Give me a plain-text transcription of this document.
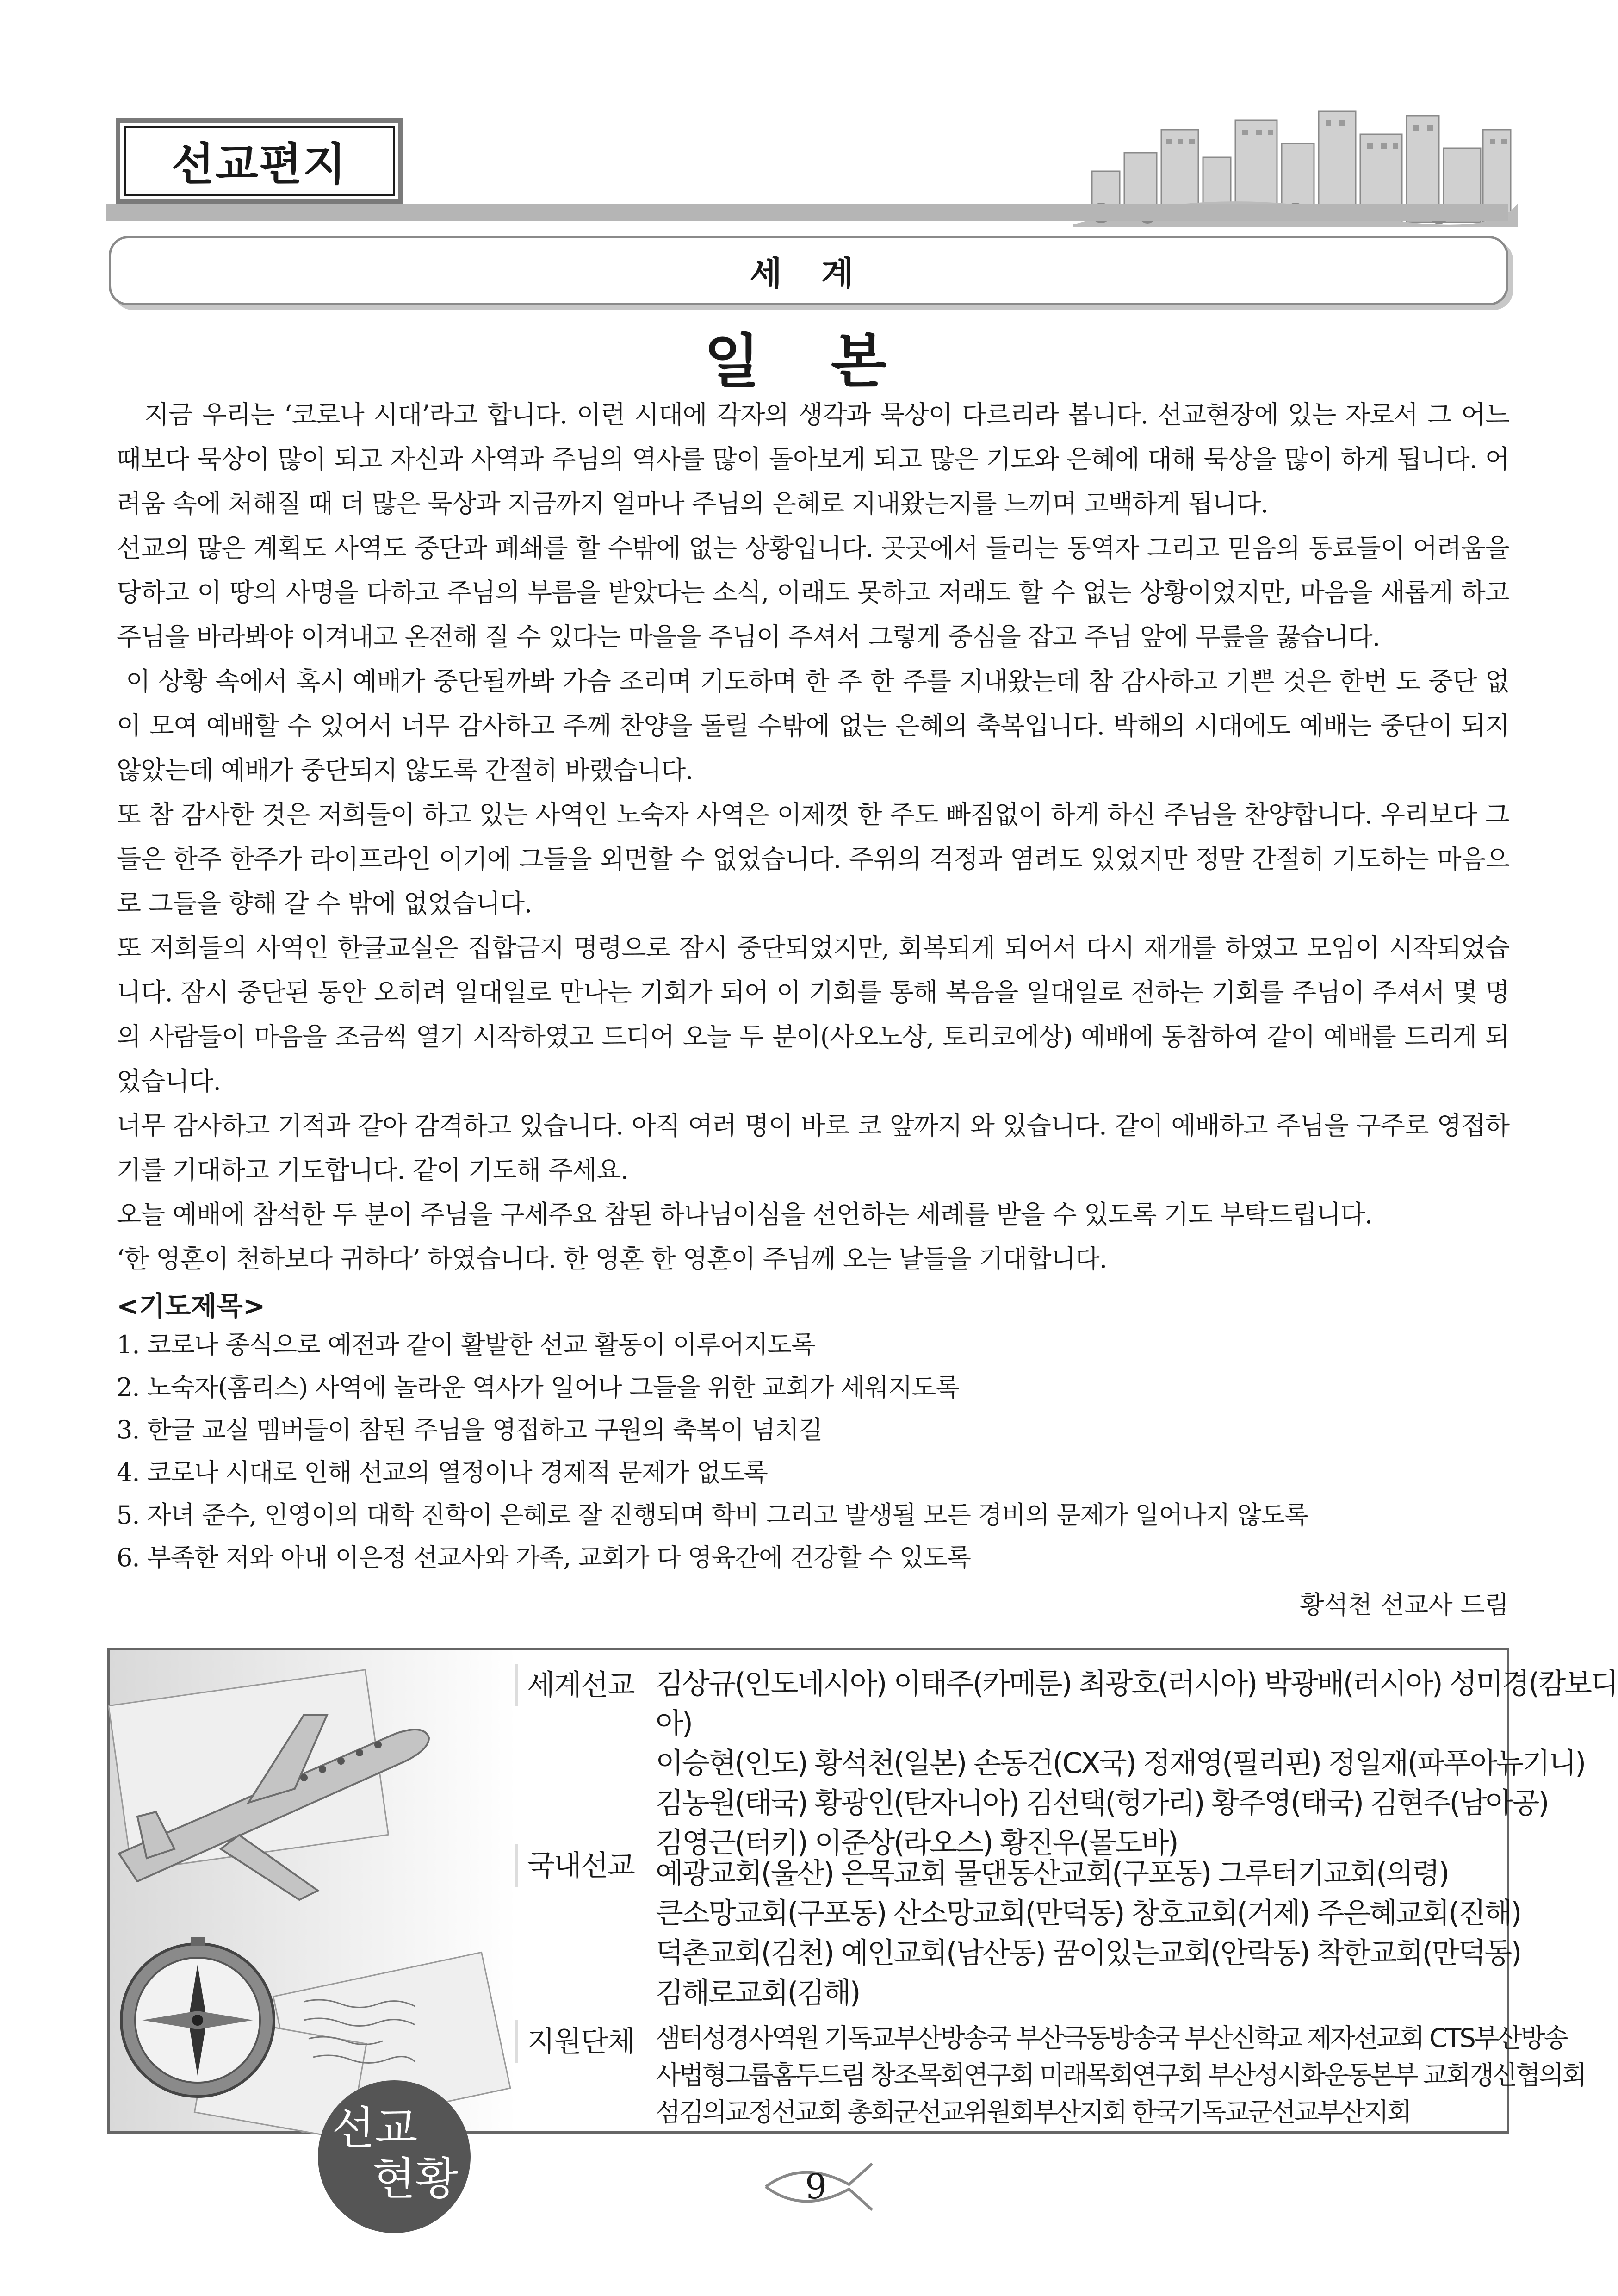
선교편지
세 계
일 본

지금 우리는 ‘코로나 시대’라고 합니다. 이런 시대에 각자의 생각과 묵상이 다르리라 봅니다. 선교현장에 있는 자로서 그 어느 때보다 묵상이 많이 되고 자신과 사역과 주님의 역사를 많이 돌아보게 되고 많은 기도와 은혜에 대해 묵상을 많이 하게 됩니다. 어려움 속에 처해질 때 더 많은 묵상과 지금까지 얼마나 주님의 은혜로 지내왔는지를 느끼며 고백하게 됩니다.

선교의 많은 계획도 사역도 중단과 폐쇄를 할 수밖에 없는 상황입니다. 곳곳에서 들리는 동역자 그리고 믿음의 동료들이 어려움을 당하고 이 땅의 사명을 다하고 주님의 부름을 받았다는 소식, 이래도 못하고 저래도 할 수 없는 상황이었지만, 마음을 새롭게 하고 주님을 바라봐야 이겨내고 온전해 질 수 있다는 마을을 주님이 주셔서 그렇게 중심을 잡고 주님 앞에 무릎을 꿇습니다.

이 상황 속에서 혹시 예배가 중단될까봐 가슴 조리며 기도하며 한 주 한 주를 지내왔는데 참 감사하고 기쁜 것은 한번 도 중단 없이 모여 예배할 수 있어서 너무 감사하고 주께 찬양을 돌릴 수밖에 없는 은혜의 축복입니다. 박해의 시대에도 예배는 중단이 되지 않았는데 예배가 중단되지 않도록 간절히 바랬습니다.

또 참 감사한 것은 저희들이 하고 있는 사역인 노숙자 사역은 이제껏 한 주도 빠짐없이 하게 하신 주님을 찬양합니다. 우리보다 그들은 한주 한주가 라이프라인 이기에 그들을 외면할 수 없었습니다. 주위의 걱정과 염려도 있었지만 정말 간절히 기도하는 마음으로 그들을 향해 갈 수 밖에 없었습니다.

또 저희들의 사역인 한글교실은 집합금지 명령으로 잠시 중단되었지만, 회복되게 되어서 다시 재개를 하였고 모임이 시작되었습니다. 잠시 중단된 동안 오히려 일대일로 만나는 기회가 되어 이 기회를 통해 복음을 일대일로 전하는 기회를 주님이 주셔서 몇 명의 사람들이 마음을 조금씩 열기 시작하였고 드디어 오늘 두 분이(사오노상, 토리코에상) 예배에 동참하여 같이 예배를 드리게 되었습니다.

너무 감사하고 기적과 같아 감격하고 있습니다. 아직 여러 명이 바로 코 앞까지 와 있습니다. 같이 예배하고 주님을 구주로 영접하기를 기대하고 기도합니다. 같이 기도해 주세요.

오늘 예배에 참석한 두 분이 주님을 구세주요 참된 하나님이심을 선언하는 세례를 받을 수 있도록 기도 부탁드립니다.

‘한 영혼이 천하보다 귀하다’ 하였습니다. 한 영혼 한 영혼이 주님께 오는 날들을 기대합니다.

<기도제목>
1. 코로나 종식으로 예전과 같이 활발한 선교 활동이 이루어지도록
2. 노숙자(홈리스) 사역에 놀라운 역사가 일어나 그들을 위한 교회가 세워지도록
3. 한글 교실 멤버들이 참된 주님을 영접하고 구원의 축복이 넘치길
4. 코로나 시대로 인해 선교의 열정이나 경제적 문제가 없도록
5. 자녀 준수, 인영이의 대학 진학이 은혜로 잘 진행되며 학비 그리고 발생될 모든 경비의 문제가 일어나지 않도록
6. 부족한 저와 아내 이은정 선교사와 가족, 교회가 다 영육간에 건강할 수 있도록
황석천 선교사 드림
선교
현황
세계선교 김상규(인도네시아) 이태주(카메룬) 최광호(러시아) 박광배(러시아) 성미경(캄보디아)
이승현(인도) 황석천(일본) 손동건(CX국) 정재영(필리핀) 정일재(파푸아뉴기니)
김농원(태국) 황광인(탄자니아) 김선택(헝가리) 황주영(태국) 김현주(남아공)
김영근(터키) 이준상(라오스) 황진우(몰도바)
국내선교 예광교회(울산) 은목교회 물댄동산교회(구포동) 그루터기교회(의령)
큰소망교회(구포동) 산소망교회(만덕동) 창호교회(거제) 주은혜교회(진해)
덕촌교회(김천) 예인교회(남산동) 꿈이있는교회(안락동) 착한교회(만덕동)
김해로교회(김해)
지원단체 샘터성경사역원 기독교부산방송국 부산극동방송국 부산신학교 제자선교회 CTS부산방송
사법형그룹홈두드림 창조목회연구회 미래목회연구회 부산성시화운동본부 교회갱신협의회
섬김의교정선교회 총회군선교위원회부산지회 한국기독교군선교부산지회
9
